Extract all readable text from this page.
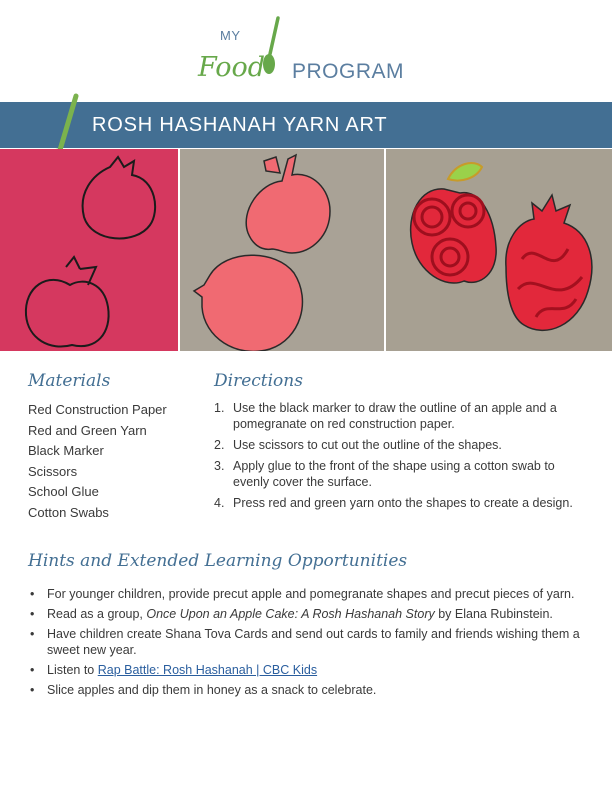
MY
Food PROGRAM
ROSH HASHANAH YARN ART
Materials
Red Construction Paper
Red and Green Yarn
Black Marker
Scissors
School Glue
Cotton Swabs
Directions
1. Use the black marker to draw the outline of an apple and a pomegranate on red construction paper.
2. Use scissors to cut out the outline of the shapes.
3. Apply glue to the front of the shape using a cotton swab to evenly cover the surface.
4. Press red and green yarn onto the shapes to create a design.
Hints and Extended Learning Opportunities
• For younger children, provide precut apple and pomegranate shapes and precut pieces of yarn.
• Read as a group, Once Upon an Apple Cake: A Rosh Hashanah Story by Elana Rubinstein.
• Have children create Shana Tova Cards and send out cards to family and friends wishing them a sweet new year.
• Listen to Rap Battle: Rosh Hashanah | CBC Kids
• Slice apples and dip them in honey as a snack to celebrate.
